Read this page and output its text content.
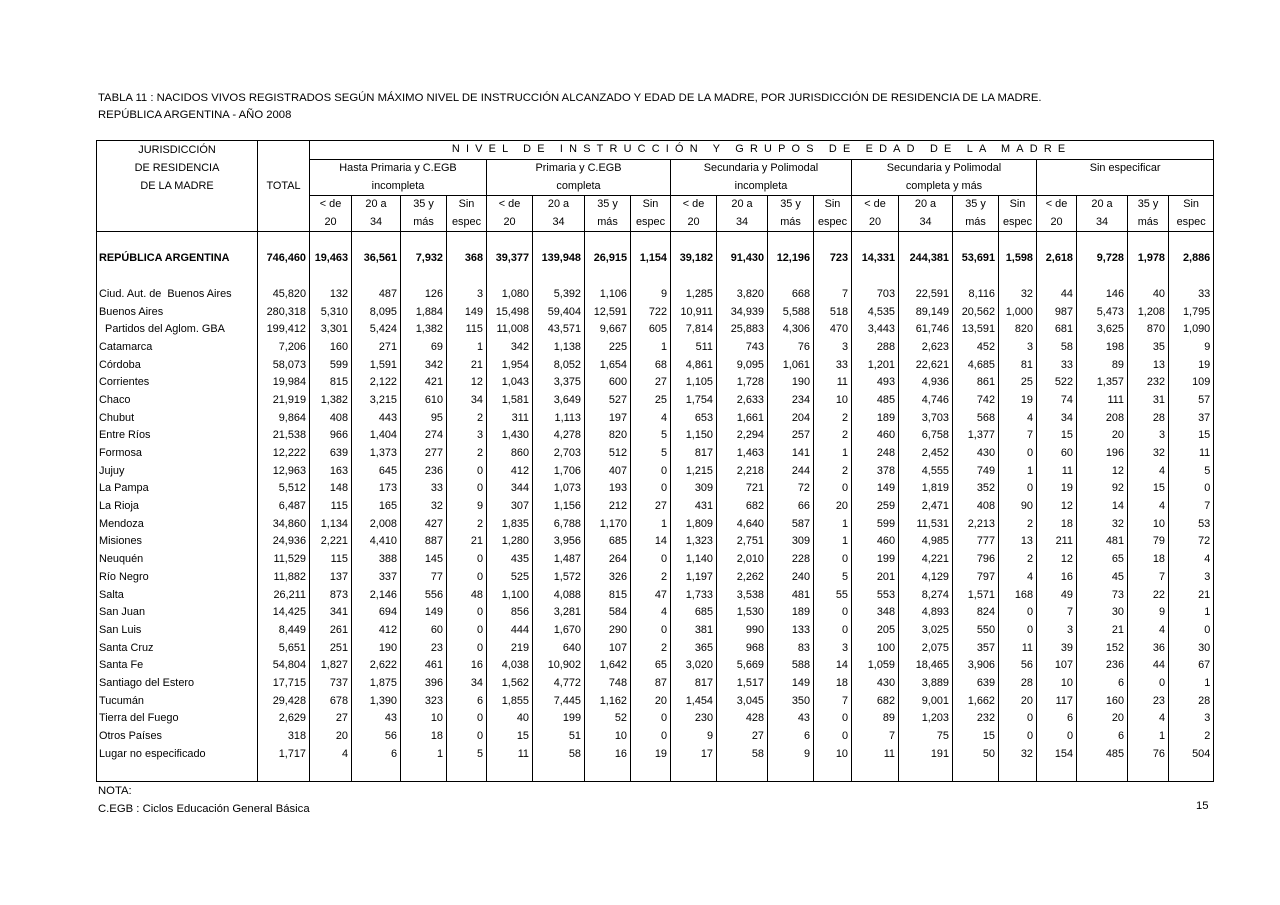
TABLA 11 : NACIDOS VIVOS REGISTRADOS SEGÚN MÁXIMO NIVEL DE INSTRUCCIÓN ALCANZADO Y EDAD DE LA MADRE, POR JURISDICCIÓN DE RESIDENCIA DE LA MADRE.
REPÚBLICA ARGENTINA - AÑO 2008
JURISDICCIÓN		NIVEL DE INSTRUCCIÓN Y GRUPOS DE EDAD DE LA MADRE																			
DE RESIDENCIA		Hasta Primaria y C.EGB				Primaria y C.EGB				Secundaria y Polimodal				Secundaria y Polimodal				Sin especificar			
DE LA MADRE	TOTAL	incompleta				completa				incompleta				completa y más							
		< de	20 a	35 y	Sin	< de	20 a	35 y	Sin	< de	20 a	35 y	Sin	< de	20 a	35 y	Sin	< de	20 a	35 y	Sin
		20	34	más	espec	20	34	más	espec	20	34	más	espec	20	34	más	espec	20	34	más	espec

REPÚBLICA ARGENTINA	746,460	19,463	36,561	7,932	368	39,377	139,948	26,915	1,154	39,182	91,430	12,196	723	14,331	244,381	53,691	1,598	2,618	9,728	1,978	2,886

Ciud. Aut. de  Buenos Aires	45,820	132	487	126	3	1,080	5,392	1,106	9	1,285	3,820	668	7	703	22,591	8,116	32	44	146	40	33
Buenos Aires	280,318	5,310	8,095	1,884	149	15,498	59,404	12,591	722	10,911	34,939	5,588	518	4,535	89,149	20,562	1,000	987	5,473	1,208	1,795
Partidos del Aglom. GBA	199,412	3,301	5,424	1,382	115	11,008	43,571	9,667	605	7,814	25,883	4,306	470	3,443	61,746	13,591	820	681	3,625	870	1,090
Catamarca	7,206	160	271	69	1	342	1,138	225	1	511	743	76	3	288	2,623	452	3	58	198	35	9
Córdoba	58,073	599	1,591	342	21	1,954	8,052	1,654	68	4,861	9,095	1,061	33	1,201	22,621	4,685	81	33	89	13	19
Corrientes	19,984	815	2,122	421	12	1,043	3,375	600	27	1,105	1,728	190	11	493	4,936	861	25	522	1,357	232	109
Chaco	21,919	1,382	3,215	610	34	1,581	3,649	527	25	1,754	2,633	234	10	485	4,746	742	19	74	111	31	57
Chubut	9,864	408	443	95	2	311	1,113	197	4	653	1,661	204	2	189	3,703	568	4	34	208	28	37
Entre Ríos	21,538	966	1,404	274	3	1,430	4,278	820	5	1,150	2,294	257	2	460	6,758	1,377	7	15	20	3	15
Formosa	12,222	639	1,373	277	2	860	2,703	512	5	817	1,463	141	1	248	2,452	430	0	60	196	32	11
Jujuy	12,963	163	645	236	0	412	1,706	407	0	1,215	2,218	244	2	378	4,555	749	1	11	12	4	5
La Pampa	5,512	148	173	33	0	344	1,073	193	0	309	721	72	0	149	1,819	352	0	19	92	15	0
La Rioja	6,487	115	165	32	9	307	1,156	212	27	431	682	66	20	259	2,471	408	90	12	14	4	7
Mendoza	34,860	1,134	2,008	427	2	1,835	6,788	1,170	1	1,809	4,640	587	1	599	11,531	2,213	2	18	32	10	53
Misiones	24,936	2,221	4,410	887	21	1,280	3,956	685	14	1,323	2,751	309	1	460	4,985	777	13	211	481	79	72
Neuquén	11,529	115	388	145	0	435	1,487	264	0	1,140	2,010	228	0	199	4,221	796	2	12	65	18	4
Río Negro	11,882	137	337	77	0	525	1,572	326	2	1,197	2,262	240	5	201	4,129	797	4	16	45	7	3
Salta	26,211	873	2,146	556	48	1,100	4,088	815	47	1,733	3,538	481	55	553	8,274	1,571	168	49	73	22	21
San Juan	14,425	341	694	149	0	856	3,281	584	4	685	1,530	189	0	348	4,893	824	0	7	30	9	1
San Luis	8,449	261	412	60	0	444	1,670	290	0	381	990	133	0	205	3,025	550	0	3	21	4	0
Santa Cruz	5,651	251	190	23	0	219	640	107	2	365	968	83	3	100	2,075	357	11	39	152	36	30
Santa Fe	54,804	1,827	2,622	461	16	4,038	10,902	1,642	65	3,020	5,669	588	14	1,059	18,465	3,906	56	107	236	44	67
Santiago del Estero	17,715	737	1,875	396	34	1,562	4,772	748	87	817	1,517	149	18	430	3,889	639	28	10	6	0	1
Tucumán	29,428	678	1,390	323	6	1,855	7,445	1,162	20	1,454	3,045	350	7	682	9,001	1,662	20	117	160	23	28
Tierra del Fuego	2,629	27	43	10	0	40	199	52	0	230	428	43	0	89	1,203	232	0	6	20	4	3
Otros Países	318	20	56	18	0	15	51	10	0	9	27	6	0	7	75	15	0	0	6	1	2
Lugar no especificado	1,717	4	6	1	5	11	58	16	19	17	58	9	10	11	191	50	32	154	485	76	504

NOTA:
C.EGB : Ciclos Educación General Básica	15
